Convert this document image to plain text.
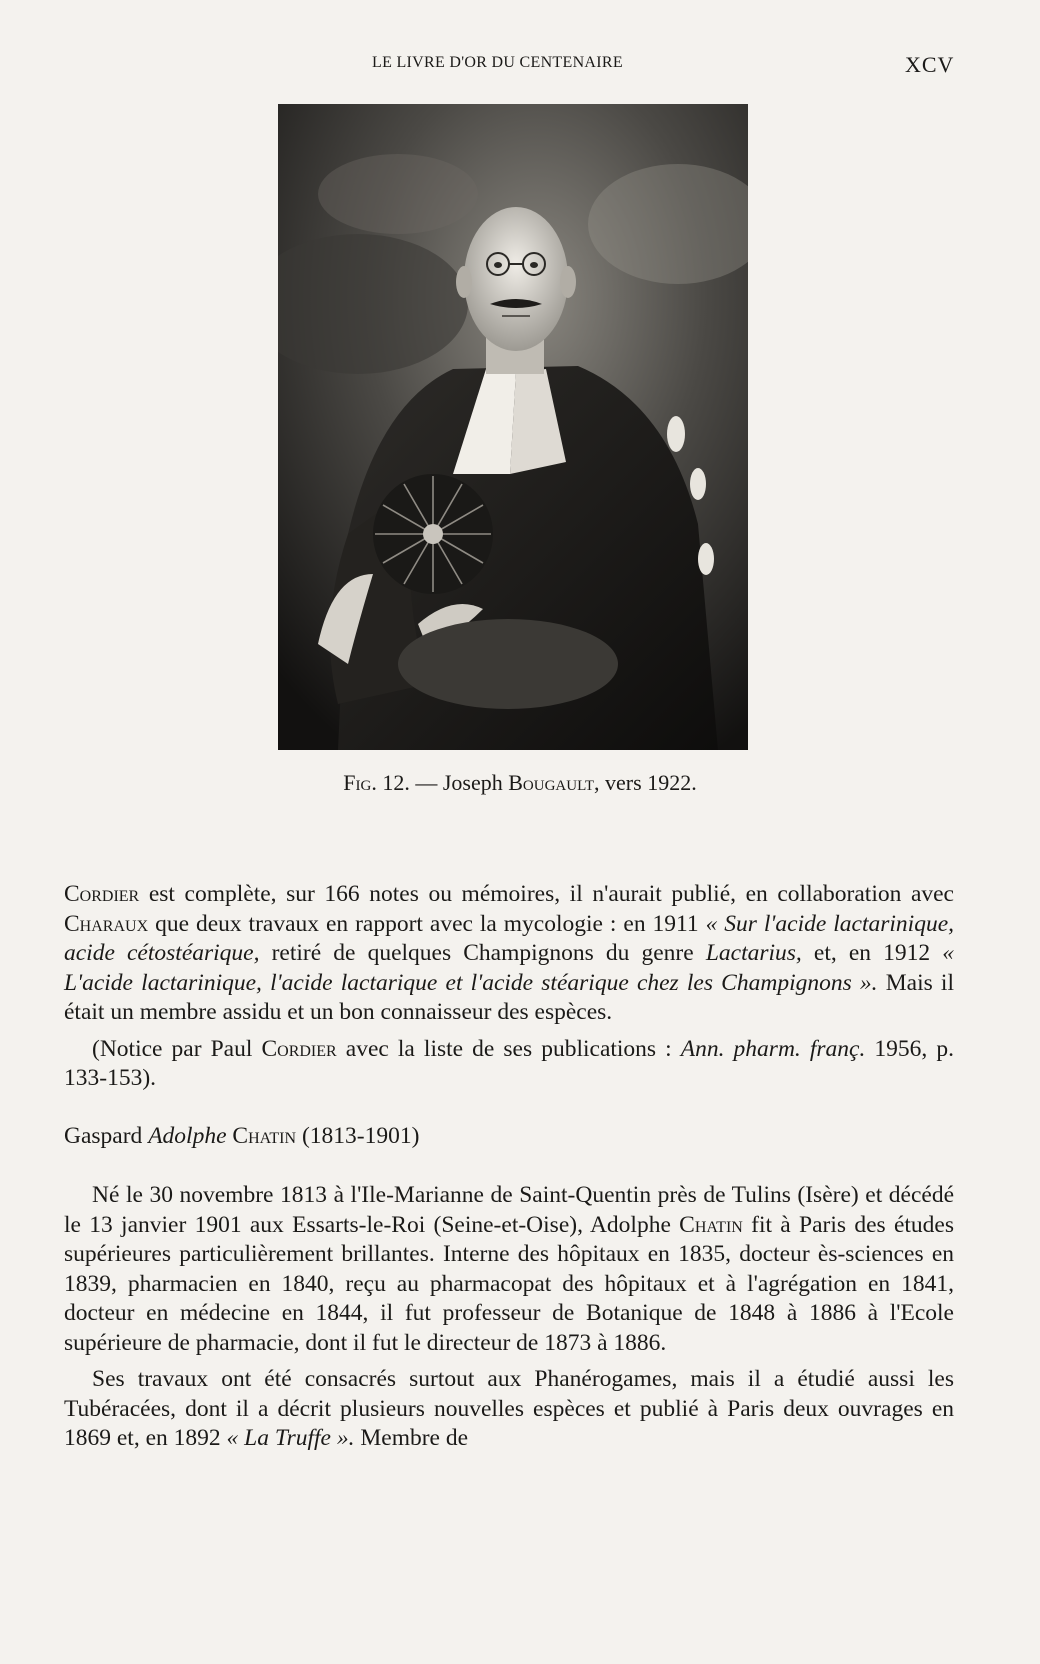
LE LIVRE D'OR DU CENTENAIRE	XCV
Fig. 12. — Joseph Bougault, vers 1922.

Cordier est complète, sur 166 notes ou mémoires, il n'aurait publié, en collaboration avec Charaux que deux travaux en rapport avec la mycologie : en 1911 « Sur l'acide lactarinique, acide cétostéarique, retiré de quelques Champignons du genre Lactarius, et, en 1912 « L'acide lactarinique, l'acide lactarique et l'acide stéarique chez les Champignons ». Mais il était un membre assidu et un bon connaisseur des espèces.

(Notice par Paul Cordier avec la liste de ses publications : Ann. pharm. franç. 1956, p. 133-153).

Gaspard Adolphe Chatin (1813-1901)

Né le 30 novembre 1813 à l'Ile-Marianne de Saint-Quentin près de Tulins (Isère) et décédé le 13 janvier 1901 aux Essarts-le-Roi (Seine-et-Oise), Adolphe Chatin fit à Paris des études supérieures particulièrement brillantes. Interne des hôpitaux en 1835, docteur ès-sciences en 1839, pharmacien en 1840, reçu au pharmacopat des hôpitaux et à l'agrégation en 1841, docteur en médecine en 1844, il fut professeur de Botanique de 1848 à 1886 à l'Ecole supérieure de pharmacie, dont il fut le directeur de 1873 à 1886.

Ses travaux ont été consacrés surtout aux Phanérogames, mais il a étudié aussi les Tubéracées, dont il a décrit plusieurs nouvelles espèces et publié à Paris deux ouvrages en 1869 et, en 1892 « La Truffe ». Membre de
